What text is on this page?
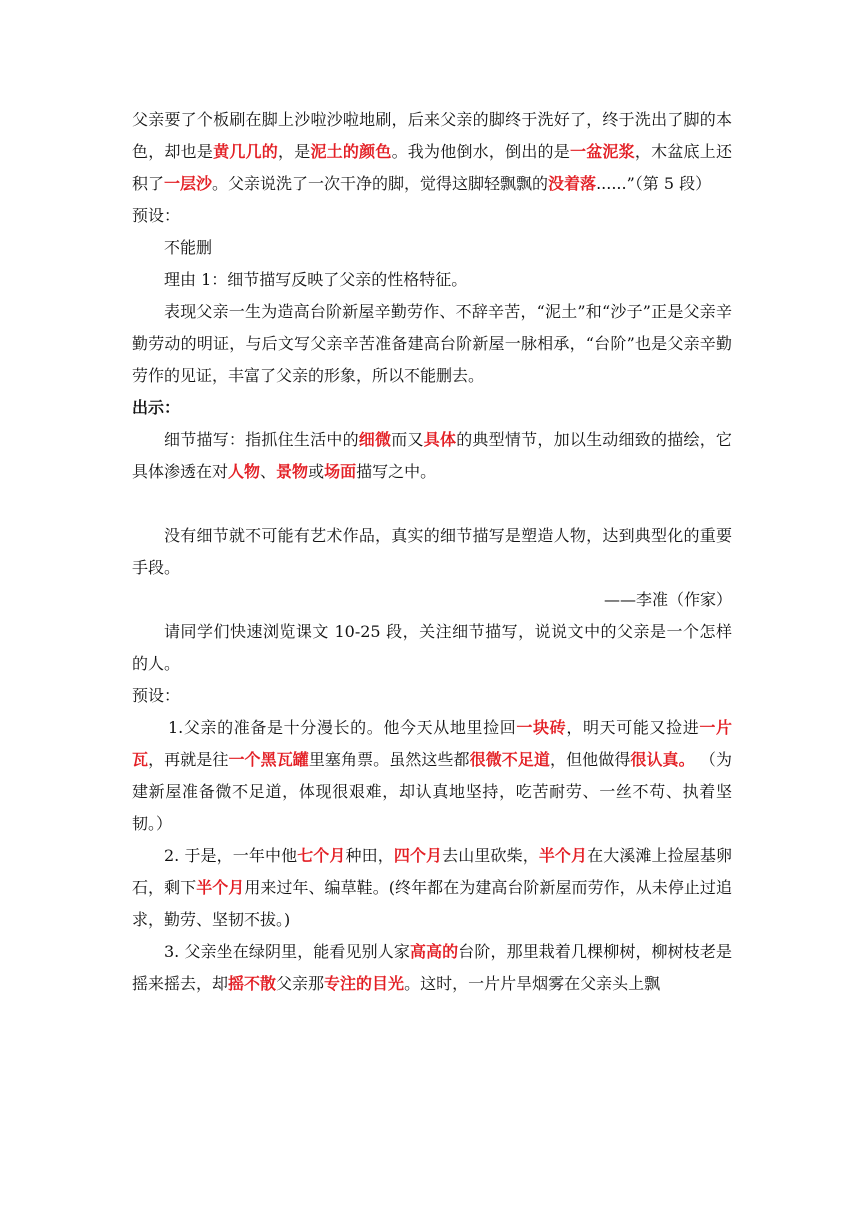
父亲要了个板刷在脚上沙啦沙啦地刷，后来父亲的脚终于洗好了，终于洗出了脚的本色，却也是黄几几的，是泥土的颜色。我为他倒水，倒出的是一盆泥浆，木盆底上还积了一层沙。父亲说洗了一次干净的脚，觉得这脚轻飘飘的没着落......”（第 5 段）

预设：

不能删

理由 1：细节描写反映了父亲的性格特征。

表现父亲一生为造高台阶新屋辛勤劳作、不辞辛苦，“泥土”和“沙子”正是父亲辛勤劳动的明证，与后文写父亲辛苦准备建高台阶新屋一脉相承，“台阶”也是父亲辛勤劳作的见证，丰富了父亲的形象，所以不能删去。

出示：

细节描写：指抓住生活中的细微而又具体的典型情节，加以生动细致的描绘，它具体渗透在对人物、景物或场面描写之中。

没有细节就不可能有艺术作品，真实的细节描写是塑造人物，达到典型化的重要手段。

——李准（作家）

请同学们快速浏览课文 10-25 段，关注细节描写，说说文中的父亲是一个怎样的人。

预设：

1.父亲的准备是十分漫长的。他今天从地里捡回一块砖，明天可能又捡进一片瓦，再就是往一个黑瓦罐里塞角票。虽然这些都很微不足道，但他做得很认真。 （为建新屋准备微不足道，体现很艰难，却认真地坚持，吃苦耐劳、一丝不苟、执着坚韧。）

2. 于是，一年中他七个月种田，四个月去山里砍柴，半个月在大溪滩上捡屋基卵石，剩下半个月用来过年、编草鞋。(终年都在为建高台阶新屋而劳作，从未停止过追求，勤劳、坚韧不拔。)

3. 父亲坐在绿阴里，能看见别人家高高的台阶，那里栽着几棵柳树，柳树枝老是摇来摇去，却摇不散父亲那专注的目光。这时，一片片旱烟雾在父亲头上飘
